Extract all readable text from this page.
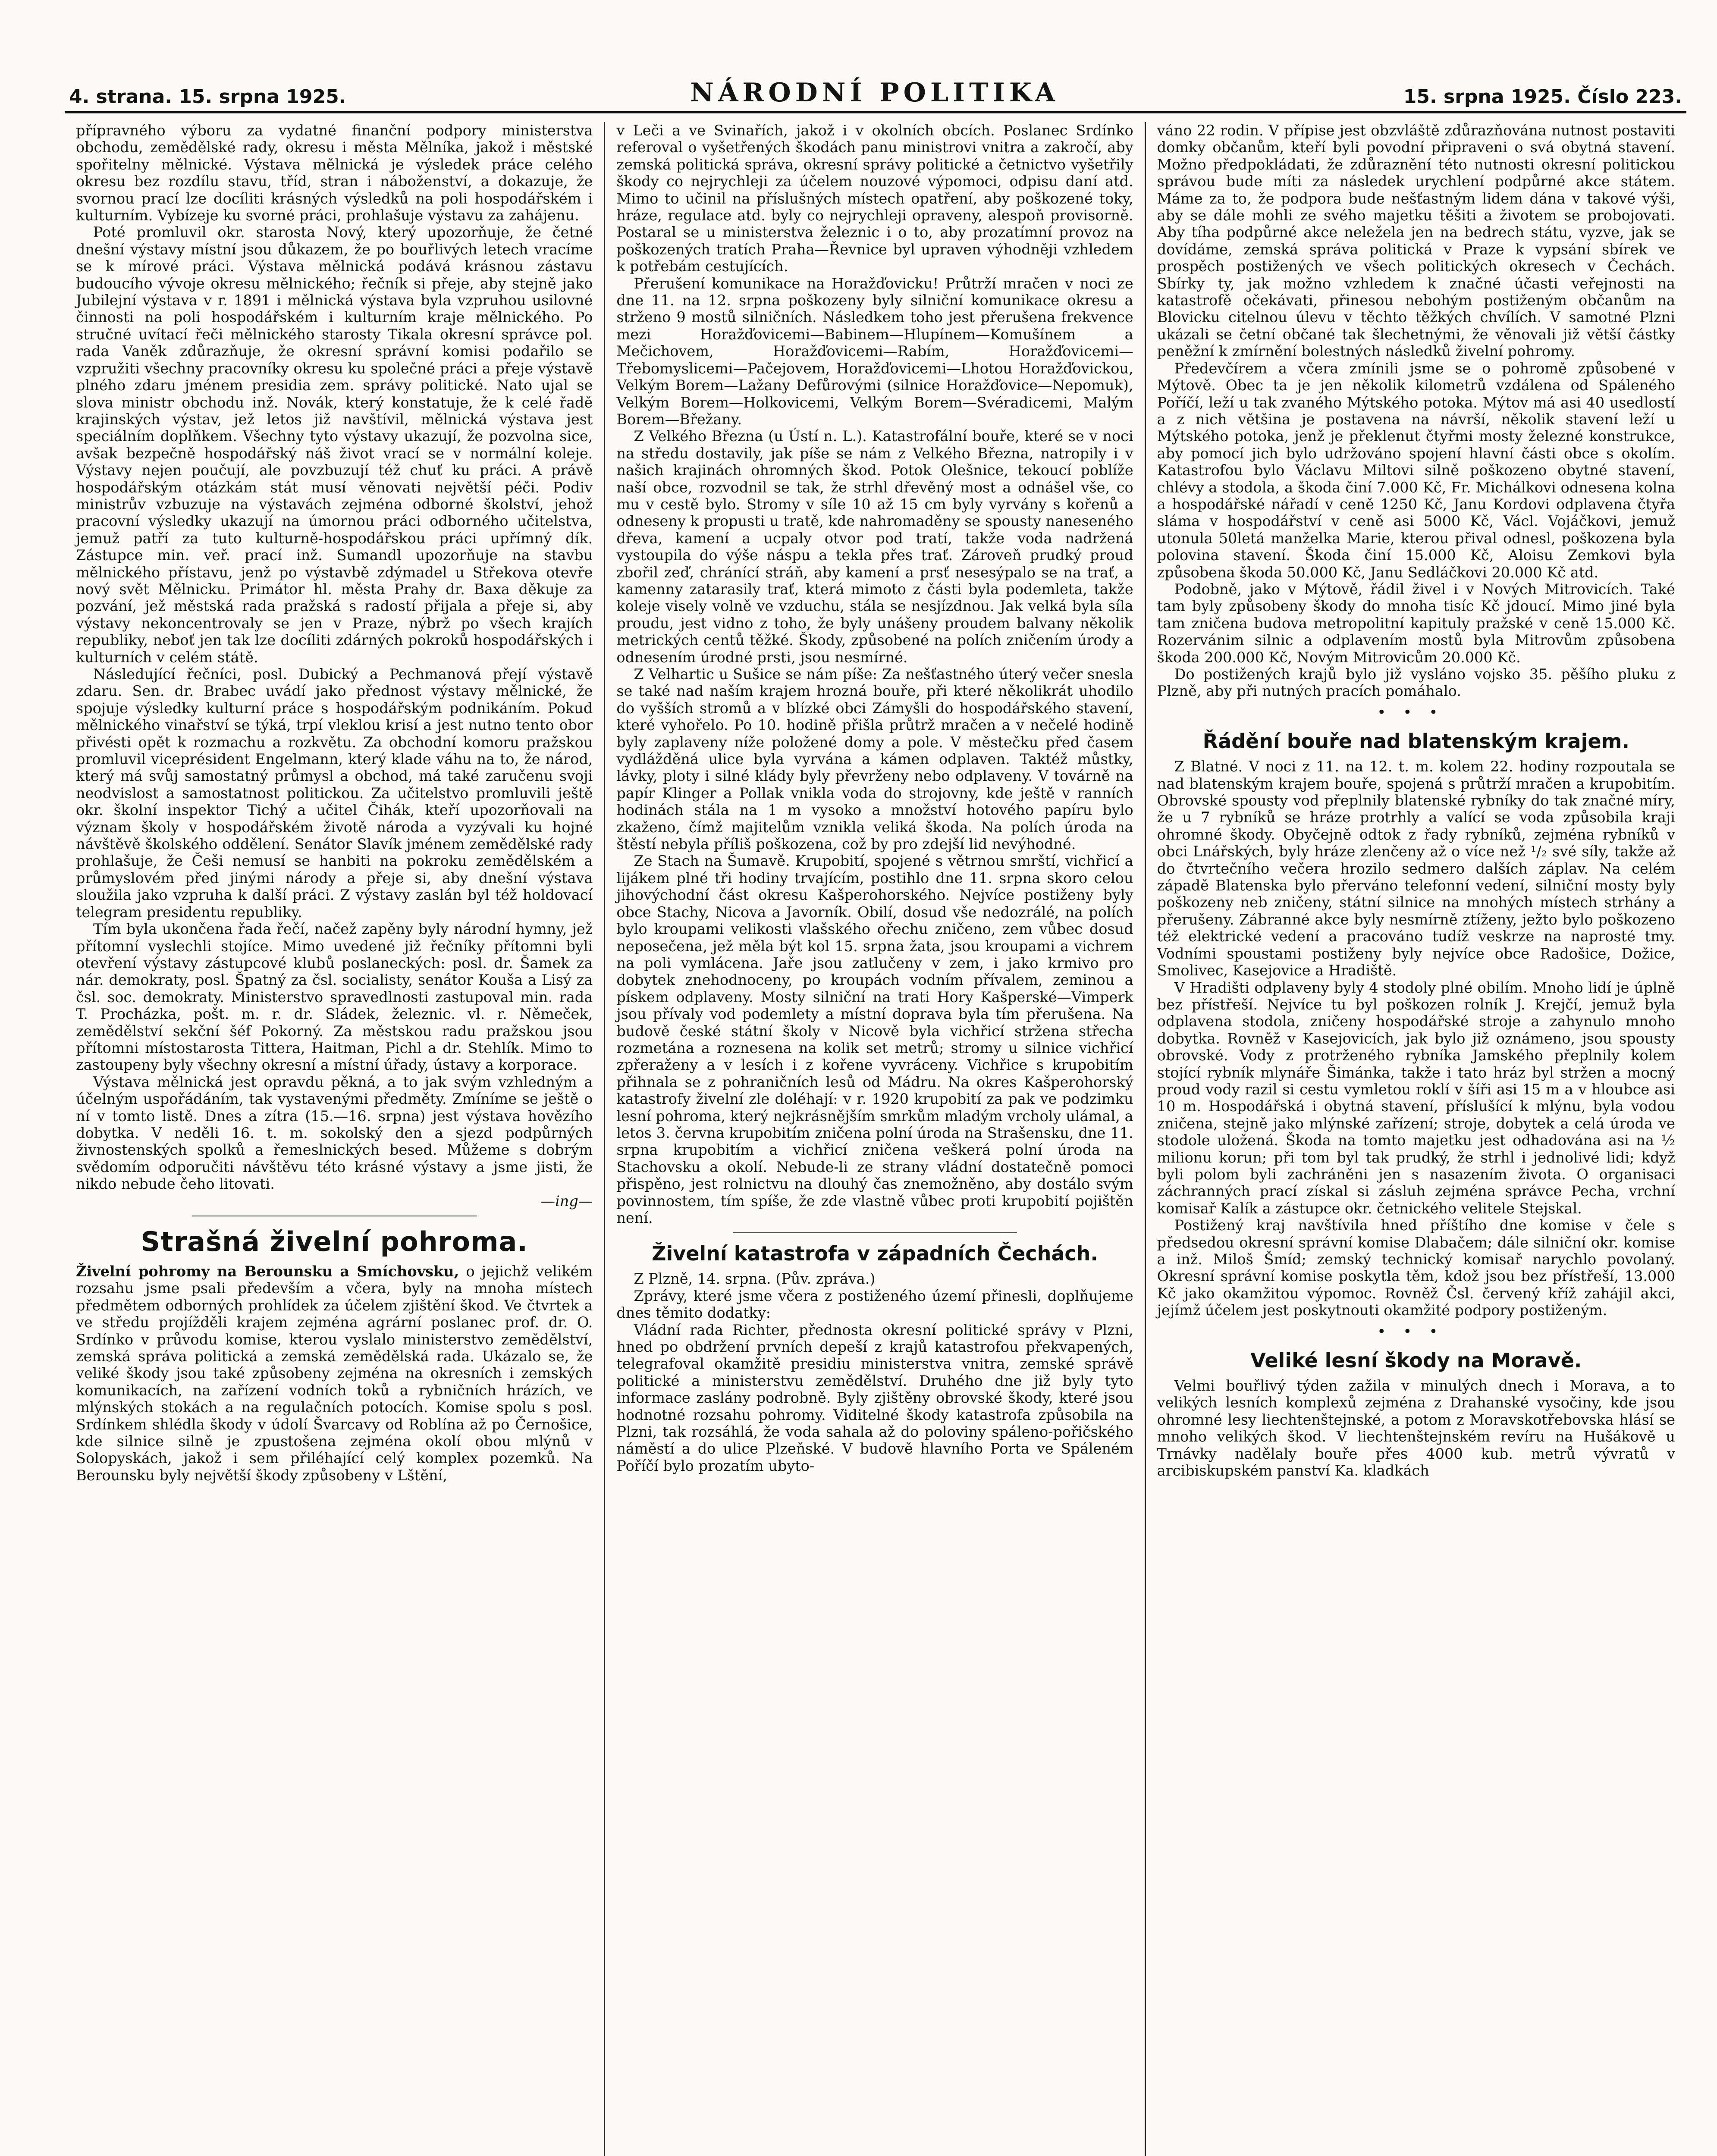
4. strana. 15. srpna 1925.	NÁRODNÍ POLITIKA	15. srpna 1925. Číslo 223.

přípravného výboru za vydatné finanční podpory ministerstva obchodu, zemědělské rady, okresu i města Mělníka, jakož i městské spořitelny mělnické. Výstava mělnická je výsledek práce celého okresu bez rozdílu stavu, tříd, stran i náboženství, a dokazuje, že svornou prací lze docíliti krásných výsledků na poli hospodářském i kulturním. Vybízeje ku svorné práci, prohlašuje výstavu za zahájenu.

Poté promluvil okr. starosta Nový, který upozorňuje, že četné dnešní výstavy místní jsou důkazem, že po bouřlivých letech vracíme se k mírové práci. Výstava mělnická podává krásnou zástavu budoucího vývoje okresu mělnického; řečník si přeje, aby stejně jako Jubilejní výstava v r. 1891 i mělnická výstava byla vzpruhou usilovné činnosti na poli hospodářském i kulturním kraje mělnického. Po stručné uvítací řeči mělnického starosty Tikala okresní správce pol. rada Vaněk zdůrazňuje, že okresní správní komisi podařilo se vzpružiti všechny pracovníky okresu ku společné práci a přeje výstavě plného zdaru jménem presidia zem. správy politické. Nato ujal se slova ministr obchodu inž. Novák, který konstatuje, že k celé řadě krajinských výstav, jež letos již navštívil, mělnická výstava jest speciálním doplňkem. Všechny tyto výstavy ukazují, že pozvolna sice, avšak bezpečně hospodářský náš život vrací se v normální koleje. Výstavy nejen poučují, ale povzbuzují též chuť ku práci. A právě hospodářským otázkám stát musí věnovati největší péči. Podiv ministrův vzbuzuje na výstavách zejména odborné školství, jehož pracovní výsledky ukazují na úmornou práci odborného učitelstva, jemuž patří za tuto kulturně-hospodářskou práci upřímný dík. Zástupce min. veř. prací inž. Sumandl upozorňuje na stavbu mělnického přístavu, jenž po výstavbě zdýmadel u Střekova otevře nový svět Mělnicku. Primátor hl. města Prahy dr. Baxa děkuje za pozvání, jež městská rada pražská s radostí přijala a přeje si, aby výstavy nekoncentrovaly se jen v Praze, nýbrž po všech krajích republiky, neboť jen tak lze docíliti zdárných pokroků hospodářských i kulturních v celém státě.

Následující řečníci, posl. Dubický a Pechmanová přejí výstavě zdaru. Sen. dr. Brabec uvádí jako přednost výstavy mělnické, že spojuje výsledky kulturní práce s hospodářským podnikáním. Pokud mělnického vinařství se týká, trpí vleklou krisí a jest nutno tento obor přivésti opět k rozmachu a rozkvětu. Za obchodní komoru pražskou promluvil viceprésident Engelmann, který klade váhu na to, že národ, který má svůj samostatný průmysl a obchod, má také zaručenu svoji neodvislost a samostatnost politickou. Za učitelstvo promluvili ještě okr. školní inspektor Tichý a učitel Čihák, kteří upozorňovali na význam školy v hospodářském životě národa a vyzývali ku hojné návštěvě školského oddělení. Senátor Slavík jménem zemědělské rady prohlašuje, že Češi nemusí se hanbiti na pokroku zemědělském a průmyslovém před jinými národy a přeje si, aby dnešní výstava sloužila jako vzpruha k další práci. Z výstavy zaslán byl též holdovací telegram presidentu republiky.

Tím byla ukončena řada řečí, načež zapěny byly národní hymny, jež přítomní vyslechli stojíce. Mimo uvedené již řečníky přítomni byli otevření výstavy zástupcové klubů poslaneckých: posl. dr. Šamek za nár. demokraty, posl. Špatný za čsl. socialisty, senátor Kouša a Lisý za čsl. soc. demokraty. Ministerstvo spravedlnosti zastupoval min. rada T. Procházka, pošt. m. r. dr. Sládek, železnic. vl. r. Němeček, zemědělství sekční šéf Pokorný. Za městskou radu pražskou jsou přítomni místostarosta Tittera, Haitman, Pichl a dr. Stehlík. Mimo to zastoupeny byly všechny okresní a místní úřady, ústavy a korporace.

Výstava mělnická jest opravdu pěkná, a to jak svým vzhledným a účelným uspořádáním, tak vystavenými předměty. Zmíníme se ještě o ní v tomto listě. Dnes a zítra (15.—16. srpna) jest výstava hovězího dobytka. V neděli 16. t. m. sokolský den a sjezd podpůrných živnostenských spolků a řemeslnických besed. Můžeme s dobrým svědomím odporučiti návštěvu této krásné výstavy a jsme jisti, že nikdo nebude čeho litovati.

—ing—
Strašná živelní pohroma.

Živelní pohromy na Berounsku a Smíchovsku, o jejichž velikém rozsahu jsme psali především a včera, byly na mnoha místech předmětem odborných prohlídek za účelem zjištění škod. Ve čtvrtek a ve středu projížděli krajem zejména agrární poslanec prof. dr. O. Srdínko v průvodu komise, kterou vyslalo ministerstvo zemědělství, zemská správa politická a zemská zemědělská rada. Ukázalo se, že veliké škody jsou také způsobeny zejména na okresních i zemských komunikacích, na zařízení vodních toků a rybničních hrázích, ve mlýnských stokách a na regulačních potocích. Komise spolu s posl. Srdínkem shlédla škody v údolí Švarcavy od Roblína až po Černošice, kde silnice silně je zpustošena zejména okolí obou mlýnů v Solopyskách, jakož i sem přiléhající celý komplex pozemků. Na Berounsku byly největší škody způsobeny v Lštění,

v Leči a ve Svinařích, jakož i v okolních obcích. Poslanec Srdínko referoval o vyšetřených škodách panu ministrovi vnitra a zakročí, aby zemská politická správa, okresní správy politické a četnictvo vyšetřily škody co nejrychleji za účelem nouzové výpomoci, odpisu daní atd. Mimo to učinil na příslušných místech opatření, aby poškozené toky, hráze, regulace atd. byly co nejrychleji opraveny, alespoň provisorně. Postaral se u ministerstva železnic i o to, aby prozatímní provoz na poškozených tratích Praha—Řevnice byl upraven výhodněji vzhledem k potřebám cestujících.

Přerušení komunikace na Horažďovicku! Průtrží mračen v noci ze dne 11. na 12. srpna poškozeny byly silniční komunikace okresu a strženo 9 mostů silničních. Následkem toho jest přerušena frekvence mezi Horažďovicemi—Babinem—Hlupínem—Komušínem a Mečichovem, Horažďovicemi—Rabím, Horažďovicemi—Třebomyslicemi—Pačejovem, Horažďovicemi—Lhotou Horažďovickou, Velkým Borem—Lažany Defůrovými (silnice Horažďovice—Nepomuk), Velkým Borem—Holkovicemi, Velkým Borem—Svéradicemi, Malým Borem—Břežany.

Z Velkého Března (u Ústí n. L.). Katastrofální bouře, které se v noci na středu dostavily, jak píše se nám z Velkého Března, natropily i v našich krajinách ohromných škod. Potok Olešnice, tekoucí poblíže naší obce, rozvodnil se tak, že strhl dřevěný most a odnášel vše, co mu v cestě bylo. Stromy v síle 10 až 15 cm byly vyrvány s kořenů a odneseny k propusti u tratě, kde nahromaděny se spousty naneseného dřeva, kamení a ucpaly otvor pod tratí, takže voda nadržená vystoupila do výše náspu a tekla přes trať. Zároveň prudký proud zbořil zeď, chránící stráň, aby kamení a prsť nesesýpalo se na trať, a kamenny zatarasily trať, která mimoto z části byla podemleta, takže koleje visely volně ve vzduchu, stála se nesjízdnou. Jak velká byla síla proudu, jest vidno z toho, že byly unášeny proudem balvany několik metrických centů těžké. Škody, způsobené na polích zničením úrody a odnesením úrodné prsti, jsou nesmírné.

Z Velhartic u Sušice se nám píše: Za nešťastného úterý večer snesla se také nad naším krajem hrozná bouře, při které několikrát uhodilo do vyšších stromů a v blízké obci Zámyšli do hospodářského stavení, které vyhořelo. Po 10. hodině přišla průtrž mračen a v nečelé hodině byly zaplaveny níže položené domy a pole. V městečku před časem vydlážděná ulice byla vyrvána a kámen odplaven. Taktéž můstky, lávky, ploty i silné klády byly převrženy nebo odplaveny. V továrně na papír Klinger a Pollak vnikla voda do strojovny, kde ještě v ranních hodinách stála na 1 m vysoko a množství hotového papíru bylo zkaženo, čímž majitelům vznikla veliká škoda. Na polích úroda na štěstí nebyla příliš poškozena, což by pro zdejší lid nevýhodné.

Ze Stach na Šumavě. Krupobití, spojené s větrnou smrští, vichřicí a lijákem plné tři hodiny trvajícím, postihlo dne 11. srpna skoro celou jihovýchodní část okresu Kašperohorského. Nejvíce postiženy byly obce Stachy, Nicova a Javorník. Obilí, dosud vše nedozrálé, na polích bylo kroupami velikosti vlašského ořechu zničeno, zem vůbec dosud neposečena, jež měla být kol 15. srpna žata, jsou kroupami a vichrem na poli vymlácena. Jaře jsou zatlučeny v zem, i jako krmivo pro dobytek znehodnoceny, po kroupách vodním přívalem, zeminou a pískem odplaveny. Mosty silniční na trati Hory Kašperské—Vimperk jsou přívaly vod podemlety a místní doprava byla tím přerušena. Na budově české státní školy v Nicově byla vichřicí stržena střecha rozmetána a roznesena na kolik set metrů; stromy u silnice vichřicí zpřeraženy a v lesích i z kořene vyvráceny. Vichřice s krupobitím přihnala se z pohraničních lesů od Mádru. Na okres Kašperohorský katastrofy živelní zle doléhají: v r. 1920 krupobití za pak ve podzimku lesní pohroma, který nejkrásnějším smrkům mladým vrcholy ulámal, a letos 3. června krupobitím zničena polní úroda na Strašensku, dne 11. srpna krupobitím a vichřicí zničena veškerá polní úroda na Stachovsku a okolí. Nebude-li ze strany vládní dostatečně pomoci přispěno, jest rolnictvu na dlouhý čas znemožněno, aby dostálo svým povinnostem, tím spíše, že zde vlastně vůbec proti krupobití pojištěn není.

Živelní katastrofa v západních Čechách.

Z Plzně, 14. srpna. (Pův. zpráva.)

Zprávy, které jsme včera z postiženého území přinesli, doplňujeme dnes těmito dodatky:

Vládní rada Richter, přednosta okresní politické správy v Plzni, hned po obdržení prvních depeší z krajů katastrofou překvapených, telegrafoval okamžitě presidiu ministerstva vnitra, zemské správě politické a ministerstvu zemědělství. Druhého dne již byly tyto informace zaslány podrobně. Byly zjištěny obrovské škody, které jsou hodnotné rozsahu pohromy. Viditelné škody katastrofa způsobila na Plzni, tak rozsáhlá, že voda sahala až do poloviny spáleno-pořičského náměstí a do ulice Plzeňské. V budově hlavního Porta ve Spáleném Poříčí bylo prozatím ubyto-

váno 22 rodin. V přípise jest obzvláště zdůrazňována nutnost postaviti domky občanům, kteří byli povodní připraveni o svá obytná stavení. Možno předpokládati, že zdůraznění této nutnosti okresní politickou správou bude míti za následek urychlení podpůrné akce státem. Máme za to, že podpora bude nešťastným lidem dána v takové výši, aby se dále mohli ze svého majetku těšiti a životem se probojovati. Aby tíha podpůrné akce neležela jen na bedrech státu, vyzve, jak se dovídáme, zemská správa politická v Praze k vypsání sbírek ve prospěch postižených ve všech politických okresech v Čechách. Sbírky ty, jak možno vzhledem k značné účasti veřejnosti na katastrofě očekávati, přinesou nebohým postiženým občanům na Blovicku citelnou úlevu v těchto těžkých chvílích. V samotné Plzni ukázali se četní občané tak šlechetnými, že věnovali již větší částky peněžní k zmírnění bolestných následků živelní pohromy.

Předevčírem a včera zmínili jsme se o pohromě způsobené v Mýtově. Obec ta je jen několik kilometrů vzdálena od Spáleného Poříčí, leží u tak zvaného Mýtského potoka. Mýtov má asi 40 usedlostí a z nich většina je postavena na návrší, několik stavení leží u Mýtského potoka, jenž je překlenut čtyřmi mosty železné konstrukce, aby pomocí jich bylo udržováno spojení hlavní části obce s okolím. Katastrofou bylo Václavu Miltovi silně poškozeno obytné stavení, chlévy a stodola, a škoda činí 7.000 Kč, Fr. Michálkovi odnesena kolna a hospodářské nářadí v ceně 1250 Kč, Janu Kordovi odplavena čtyřa sláma v hospodářství v ceně asi 5000 Kč, Václ. Vojáčkovi, jemuž utonula 50letá manželka Marie, kterou přival odnesl, poškozena byla polovina stavení. Škoda činí 15.000 Kč, Aloisu Zemkovi byla způsobena škoda 50.000 Kč, Janu Sedláčkovi 20.000 Kč atd.

Podobně, jako v Mýtově, řádil živel i v Nových Mitrovicích. Také tam byly způsobeny škody do mnoha tisíc Kč jdoucí. Mimo jiné byla tam zničena budova metropolitní kapituly pražské v ceně 15.000 Kč. Rozervánim silnic a odplavením mostů byla Mitrovům způsobena škoda 200.000 Kč, Novým Mitrovicům 20.000 Kč.

Do postižených krajů bylo již vysláno vojsko 35. pěšího pluku z Plzně, aby při nutných pracích pomáhalo.

•••
Řádění bouře nad blatenským krajem.

Z Blatné. V noci z 11. na 12. t. m. kolem 22. hodiny rozpoutala se nad blatenským krajem bouře, spojená s průtrží mračen a krupobitím. Obrovské spousty vod přeplnily blatenské rybníky do tak značné míry, že u 7 rybníků se hráze protrhly a valící se voda způsobila kraji ohromné škody. Obyčejně odtok z řady rybníků, zejména rybníků v obci Lnářských, byly hráze zlenčeny až o více než ¹/₂ své síly, takže až do čtvrtečního večera hrozilo sedmero dalších záplav. Na celém západě Blatenska bylo přerváno telefonní vedení, silniční mosty byly poškozeny neb zničeny, státní silnice na mnohých místech strhány a přerušeny. Zábranné akce byly nesmírně ztíženy, ježto bylo poškozeno též elektrické vedení a pracováno tudíž veskrze na naprosté tmy. Vodními spoustami postiženy byly nejvíce obce Radošice, Dožice, Smolivec, Kasejovice a Hradiště.

V Hradišti odplaveny byly 4 stodoly plné obilím. Mnoho lidí je úplně bez přístřeší. Nejvíce tu byl poškozen rolník J. Krejčí, jemuž byla odplavena stodola, zničeny hospodářské stroje a zahynulo mnoho dobytka. Rovněž v Kasejovicích, jak bylo již oznámeno, jsou spousty obrovské. Vody z protrženého rybníka Jamského přeplnily kolem stojící rybník mlynáře Šimánka, takže i tato hráz byl stržen a mocný proud vody razil si cestu vymletou roklí v šíři asi 15 m a v hloubce asi 10 m. Hospodářská i obytná stavení, příslušící k mlýnu, byla vodou zničena, stejně jako mlýnské zařízení; stroje, dobytek a celá úroda ve stodole uložená. Škoda na tomto majetku jest odhadována asi na ½ milionu korun; při tom byl tak prudký, že strhl i jednolivé lidi; když byli polom byli zachráněni jen s nasazením života. O organisaci záchranných prací získal si zásluh zejména správce Pecha, vrchní komisař Kalík a zástupce okr. četnického velitele Stejskal.

Postižený kraj navštívila hned příštího dne komise v čele s předsedou okresní správní komise Dlabačem; dále silniční okr. komise a inž. Miloš Šmíd; zemský technický komisař narychlo povolaný. Okresní správní komise poskytla těm, kdož jsou bez přístřeší, 13.000 Kč jako okamžitou výpomoc. Rovněž Čsl. červený kříž zahájil akci, jejímž účelem jest poskytnouti okamžité podpory postiženým.

•••
Veliké lesní škody na Moravě.

Velmi bouřlivý týden zažila v minulých dnech i Morava, a to velikých lesních komplexů zejména z Drahanské vysočiny, kde jsou ohromné lesy liechtenštejnské, a potom z Moravskotřebovska hlásí se mnoho velikých škod. V liechtenštejnském revíru na Hušákově u Trnávky nadělaly bouře přes 4000 kub. metrů vývratů v arcibiskupském panství Ka. kladkách
